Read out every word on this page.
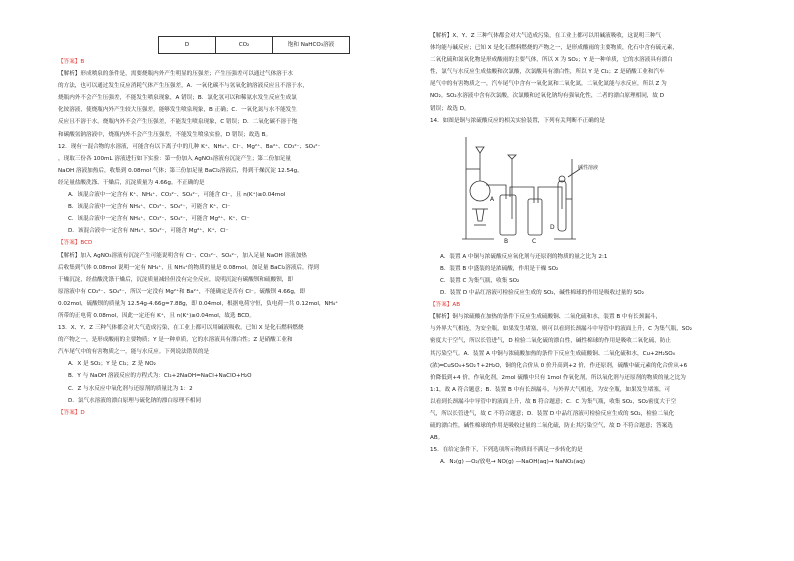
D	CO₂	饱和 NaHCO₃溶液

【答案】B

【解析】形成喷泉的条件是，需要烧瓶内外产生明显的压强差；产生压强差可以通过气体溶于水

的方法，也可以通过发生反应消耗气体产生压强差，A．一氧化碳不与氢氧化钠溶液反应且不溶于水，

烧瓶内外不会产生压强差，不能发生喷泉现象，A 错误；B．氯化氢可以和稀氨水发生反应生成氯

化铵溶液，使烧瓶内外产生较大压强差，能够发生喷泉现象，B 正确；C．一氧化氮与水不能发生

反应且不溶于水，烧瓶内外不会产生压强差，不能发生喷泉现象，C 错误；D．二氧化碳不溶于饱

和碳酸氢钠溶液中，烧瓶内外不会产生压强差，不能发生喷泉实验，D 错误；故选 B。

12．现有一混合物的水溶液，可能含有以下离子中的几种 K⁺、NH₄⁺、Cl⁻、Mg²⁺、Ba²⁺、CO₃²⁻、SO₄²⁻

，现取三份各 100mL 溶液进行如下实验：第一份加入 AgNO₃溶液有沉淀产生；第二份加足量

NaOH 溶液加热后，收集到 0.08mol 气体；第三份加足量 BaCl₂溶液后，得到干燥沉淀 12.54g，

经足量盐酸洗涤、干燥后，沉淀质量为 4.66g。不正确的是

A．该混合液中一定含有 K⁺、NH₄⁺、CO₃²⁻、SO₄²⁻，可能含 Cl⁻，且 n(K⁺)≥0.04mol

B．该混合液中一定含有 NH₄⁺、CO₃²⁻、SO₄²⁻，可能含 K⁺、Cl⁻

C．该混合液中一定含有 NH₄⁺、CO₃²⁻、SO₄²⁻，可能含 Mg²⁺、K⁺、Cl⁻

D．该混合液中一定含有 NH₄⁺、SO₄²⁻，可能含 Mg²⁺、K⁺、Cl⁻

【答案】BCD

【解析】加入 AgNO₃溶液有沉淀产生可能说明含有 Cl⁻、CO₃²⁻、SO₄²⁻，加入足量 NaOH 溶液加热

后收集到气体 0.08mol 说明一定有 NH₄⁺，且 NH₄⁺的物质的量是 0.08mol。加足量 BaCl₂溶液后，得到

干燥沉淀，经盐酸洗涤干燥后，沉淀质量减轻但没有完全反应，说明沉淀有碳酸钡和硫酸钡，即

原溶液中有 CO₃²⁻、SO₄²⁻，所以一定没有 Mg²⁺和 Ba²⁺，不能确定是否有 Cl⁻。硫酸钡 4.66g，即

0.02mol，硫酸钡的质量为 12.54g-4.66g=7.88g，即 0.04mol，根据电荷守恒，负电荷一共 0.12mol，NH₄⁺

所带的正电荷 0.08mol，因此一定还有 K⁺，且 n(K⁺)≥0.04mol，故选 BCD。

13．X、Y、Z 三种气体都会对大气造成污染，在工业上都可以用碱液吸收。已知 X 是化石燃料燃烧

的产物之一，是形成酸雨的主要物质；Y 是一种单质，它的水溶液具有漂白性；Z 是硝酸工业和

汽车尾气中的有害物质之一，能与水反应。下列说法错误的是

A．X 是 SO₂；Y 是 Cl₂；Z 是 NO₂

B．Y 与 NaOH 溶液反应的方程式为：Cl₂+2NaOH=NaCl+NaClO+H₂O

C．Z 与水反应中氧化剂与还原剂的质量比为 1：2

D．氯气水溶液的漂白原理与硫化钠的漂白原理不相同

【答案】D

【解析】X、Y、Z 三种气体都会对大气造成污染，在工业上都可以用碱液吸收，这说明三种气

体均能与碱反应；已知 X 是化石燃料燃烧的产物之一，是形成酸雨的主要物质，化石中含有硫元素，

二氧化硫和氮氧化物是形成酸雨的主要气体，所以 X 为 SO₂；Y 是一种单质，它的水溶液具有漂白

性，氯气与水反应生成盐酸和次氯酸，次氯酸具有漂白性，所以 Y 是 Cl₂；Z 是硝酸工业和汽车

尾气中的有害物质之一，汽车尾气中含有一氧化氮和二氧化氮，二氧化氮能与水反应，所以 Z 为

NO₂。SO₂水溶液中含有次氯酸，次氯酸和过氧化钠均有强氧化性，二者的漂白原理相同，故 D

错误；故选 D。

14．如图是铜与浓硫酸反应的相关实验装置，下列有关判断不正确的是

A
B	C
D
碱性溶液

A．装置 A 中铜与浓硫酸反应氧化剂与还原剂的物质的量之比为 2:1

B．装置 B 中盛装的是浓硫酸，作用是干燥 SO₂

C．装置 C 为集气瓶，收集 SO₂

D．装置 D 中品红溶液可检验反应生成的 SO₂，碱性棉球的作用是吸收过量的 SO₂

【答案】AB

【解析】铜与浓硫酸在加热的条件下反应生成硫酸铜、二氧化硫和水，装置 B 中有长颈漏斗，

与外界大气相连，为安全瓶，如果发生堵塞，则可以看到长颈漏斗中导管中的液面上升，C 为集气瓶，SO₂

密度大于空气，所以长管进气，D 检验二氧化硫的漂白性，碱性棉球的作用是吸收二氧化硫，防止

其污染空气。A．装置 A 中铜与浓硫酸加热的条件下反应生成硫酸铜、二氧化硫和水，Cu+2H₂SO₄

(浓)═CuSO₄+SO₂↑+2H₂O，铜的化合价从 0 价升高到+2 价，作还原剂，硫酸中硫元素的化合价从+6

价降低到+4 价，作氧化剂，2mol 硫酸中只有 1mol 作氧化剂，所以氧化剂与还原剂的物质的量之比为

1:1，故 A 符合题意；B．装置 B 中有长颈漏斗，与外界大气相连，为安全瓶，如果发生堵塞，可

以看到长颈漏斗中导管中的液面上升，故 B 符合题意；C．C 为集气瓶，收集 SO₂，SO₂密度大于空

气，所以长管进气，故 C 不符合题意；D．装置 D 中品红溶液可检验反应生成的 SO₂，检验二氧化

硫的漂白性，碱性棉球的作用是吸收过量的二氧化硫，防止其污染空气，故 D 不符合题意；答案选

AB。

15．在给定条件下，下列选项所示物质间不满足一步转化的是

A．N₂(g) —O₂/放电→ NO(g) —NaOH(aq)→ NaNO₂(aq)
